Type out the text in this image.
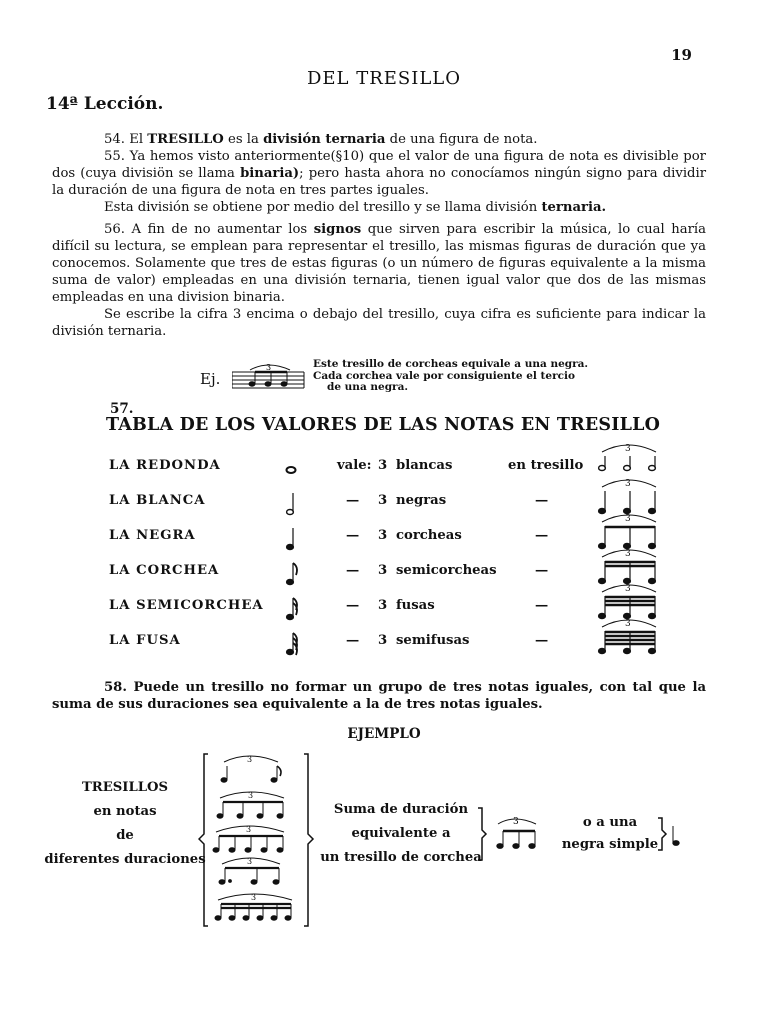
19
DEL TRESILLO
14ª Lección.

54. El TRESILLO es la división ternaria de una figura de nota.

55. Ya hemos visto anteriormente(§10) que el valor de una figura de nota es divisible por dos (cuya divisiön se llama binaria); pero hasta ahora no conocíamos ningún signo para dividir la duración de una figura de nota en tres partes iguales.

Esta división se obtiene por medio del tresillo y se llama división ternaria.

56. A fin de no aumentar los signos que sirven para escribir la música, lo cual haría difícil su lectura, se emplean para representar el tresillo, las mismas figuras de duración que ya conocemos. Solamente que tres de estas figuras (o un número de figuras equivalente a la misma suma de valor) empleadas en una división ternaria, tienen igual valor que dos de las mismas empleadas en una division binaria.

Se escribe la cifra 3 encima o debajo del tresillo, cuya cifra es suficiente para indicar la división ternaria.

Ej.
3	Este tresillo de corcheas equivale a una negra.
Cada corchea vale por consiguiente el tercio
de una negra.
57.
TABLA DE LOS VALORES DE LAS NOTAS EN TRESILLO
LA REDONDA	vale: 3 blancas	en tresillo
3
LA BLANCA	— 3 negras	—
3
LA NEGRA	— 3 corcheas	—
3
LA CORCHEA	— 3 semicorcheas	—
3
LA SEMICORCHEA	— 3 fusas	—
3
LA FUSA	— 3 semifusas	—
3

58. Puede un tresillo no formar un grupo de tres notas iguales, con tal que la suma de sus duraciones sea equivalente a la de tres notas iguales.

EJEMPLO
TRESILLOS
en notas
de
diferentes duraciones
3
3
3
3
3
Suma de duración
equivalente a
un tresillo de corchea
3	o a una
negra simple
